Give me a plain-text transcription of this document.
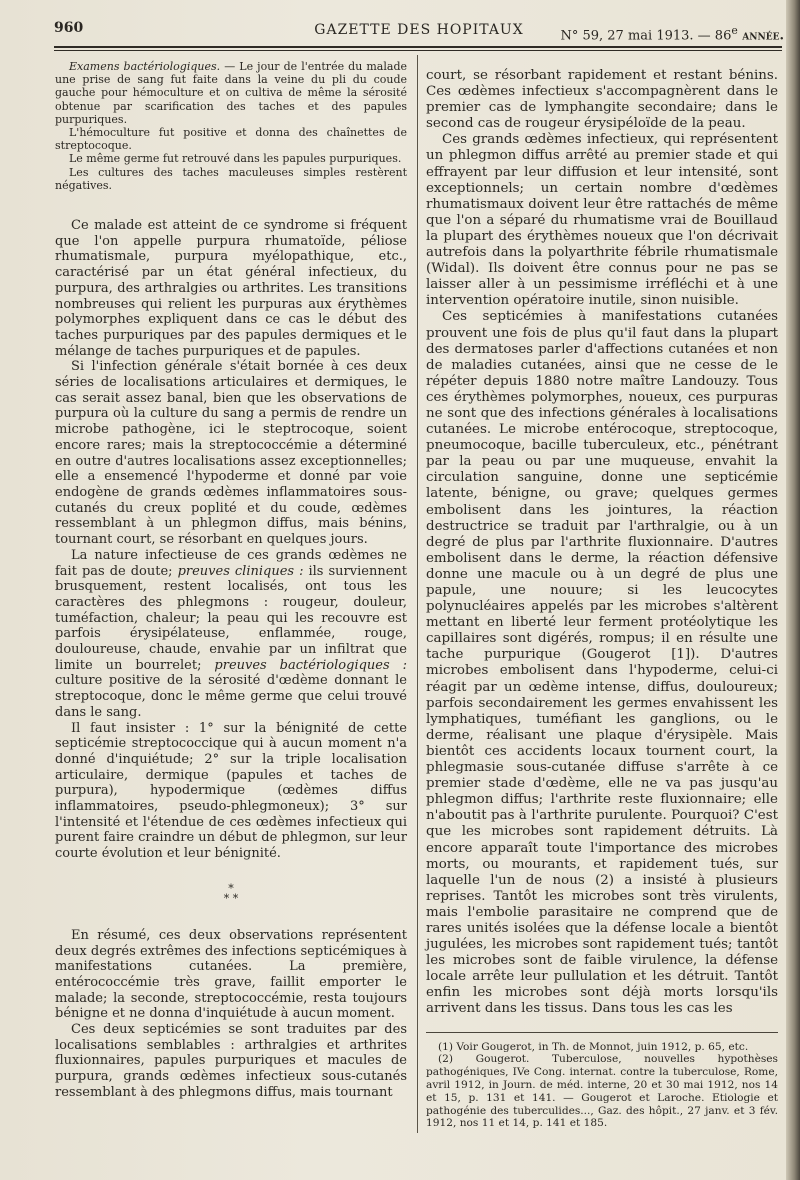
960	GAZETTE DES HOPITAUX	N° 59, 27 mai 1913. — 86e année.

Examens bactériologiques. — Le jour de l'entrée du malade une prise de sang fut faite dans la veine du pli du coude gauche pour hémoculture et on cultiva de même la sérosité obtenue par scarification des taches et des papules purpuriques.

L'hémoculture fut positive et donna des chaînettes de streptocoque.

Le même germe fut retrouvé dans les papules purpuriques.

Les cultures des taches maculeuses simples restèrent négatives.

Ce malade est atteint de ce syndrome si fréquent que l'on appelle purpura rhumatoïde, péliose rhumatismale, purpura myélopathique, etc., caractérisé par un état général infectieux, du purpura, des arthralgies ou arthrites. Les transitions nombreuses qui relient les purpuras aux érythèmes polymorphes expliquent dans ce cas le début des taches purpuriques par des papules dermiques et le mélange de taches purpuriques et de papules.

Si l'infection générale s'était bornée à ces deux séries de localisations articulaires et dermiques, le cas serait assez banal, bien que les observations de purpura où la culture du sang a permis de rendre un microbe pathogène, ici le steptrocoque, soient encore rares; mais la streptococcémie a déterminé en outre d'autres localisations assez exceptionnelles; elle a ensemencé l'hypoderme et donné par voie endogène de grands œdèmes inflammatoires sous-cutanés du creux poplité et du coude, œdèmes ressemblant à un phlegmon diffus, mais bénins, tournant court, se résorbant en quelques jours.

La nature infectieuse de ces grands œdèmes ne fait pas de doute; preuves cliniques : ils surviennent brusquement, restent localisés, ont tous les caractères des phlegmons : rougeur, douleur, tuméfaction, chaleur; la peau qui les recouvre est parfois érysipélateuse, enflammée, rouge, douloureuse, chaude, envahie par un infiltrat que limite un bourrelet; preuves bactériologiques : culture positive de la sérosité d'œdème donnant le streptocoque, donc le même germe que celui trouvé dans le sang.

Il faut insister : 1° sur la bénignité de cette septicémie streptococcique qui à aucun moment n'a donné d'inquiétude; 2° sur la triple localisation articulaire, dermique (papules et taches de purpura), hypodermique (œdèmes diffus inflammatoires, pseudo-phlegmoneux); 3° sur l'intensité et l'étendue de ces œdèmes infectieux qui purent faire craindre un début de phlegmon, sur leur courte évolution et leur bénignité.

*
* *

En résumé, ces deux observations représentent deux degrés extrêmes des infections septicémiques à manifestations cutanées. La première, entérococcémie très grave, faillit emporter le malade; la seconde, streptococcémie, resta toujours bénigne et ne donna d'inquiétude à aucun moment.

Ces deux septicémies se sont traduites par des localisations semblables : arthralgies et arthrites fluxionnaires, papules purpuriques et macules de purpura, grands œdèmes infectieux sous-cutanés ressemblant à des phlegmons diffus, mais tournant

court, se résorbant rapidement et restant bénins. Ces œdèmes infectieux s'accompagnèrent dans le premier cas de lymphangite secondaire; dans le second cas de rougeur érysipéloïde de la peau.

Ces grands œdèmes infectieux, qui représentent un phlegmon diffus arrêté au premier stade et qui effrayent par leur diffusion et leur intensité, sont exceptionnels; un certain nombre d'œdèmes rhumatismaux doivent leur être rattachés de même que l'on a séparé du rhumatisme vrai de Bouillaud la plupart des érythèmes noueux que l'on décrivait autrefois dans la polyarthrite fébrile rhumatismale (Widal). Ils doivent être connus pour ne pas se laisser aller à un pessimisme irréfléchi et à une intervention opératoire inutile, sinon nuisible.

Ces septicémies à manifestations cutanées prouvent une fois de plus qu'il faut dans la plupart des dermatoses parler d'affections cutanées et non de maladies cutanées, ainsi que ne cesse de le répéter depuis 1880 notre maître Landouzy. Tous ces érythèmes polymorphes, noueux, ces purpuras ne sont que des infections générales à localisations cutanées. Le microbe entérocoque, streptocoque, pneumocoque, bacille tuberculeux, etc., pénétrant par la peau ou par une muqueuse, envahit la circulation sanguine, donne une septicémie latente, bénigne, ou grave; quelques germes embolisent dans les jointures, la réaction destructrice se traduit par l'arthralgie, ou à un degré de plus par l'arthrite fluxionnaire. D'autres embolisent dans le derme, la réaction défensive donne une macule ou à un degré de plus une papule, une nouure; si les leucocytes polynucléaires appelés par les microbes s'altèrent mettant en liberté leur ferment protéolytique les capillaires sont digérés, rompus; il en résulte une tache purpurique (Gougerot [1]). D'autres microbes embolisent dans l'hypoderme, celui-ci réagit par un œdème intense, diffus, douloureux; parfois secondairement les germes envahissent les lymphatiques, tuméfiant les ganglions, ou le derme, réalisant une plaque d'érysipèle. Mais bientôt ces accidents locaux tournent court, la phlegmasie sous-cutanée diffuse s'arrête à ce premier stade d'œdème, elle ne va pas jusqu'au phlegmon diffus; l'arthrite reste fluxionnaire; elle n'aboutit pas à l'arthrite purulente. Pourquoi? C'est que les microbes sont rapidement détruits. Là encore apparaît toute l'importance des microbes morts, ou mourants, et rapidement tués, sur laquelle l'un de nous (2) a insisté à plusieurs reprises. Tantôt les microbes sont très virulents, mais l'embolie parasitaire ne comprend que de rares unités isolées que la défense locale a bientôt jugulées, les microbes sont rapidement tués; tantôt les microbes sont de faible virulence, la défense locale arrête leur pullulation et les détruit. Tantôt enfin les microbes sont déjà morts lorsqu'ils arrivent dans les tissus. Dans tous les cas les

(1) Voir Gougerot, in Th. de Monnot, juin 1912, p. 65, etc.

(2) Gougerot. Tuberculose, nouvelles hypothèses pathogéniques, IVe Cong. internat. contre la tuberculose, Rome, avril 1912, in Journ. de méd. interne, 20 et 30 mai 1912, nos 14 et 15, p. 131 et 141. — Gougerot et Laroche. Etiologie et pathogénie des tuberculides..., Gaz. des hôpit., 27 janv. et 3 fév. 1912, nos 11 et 14, p. 141 et 185.
